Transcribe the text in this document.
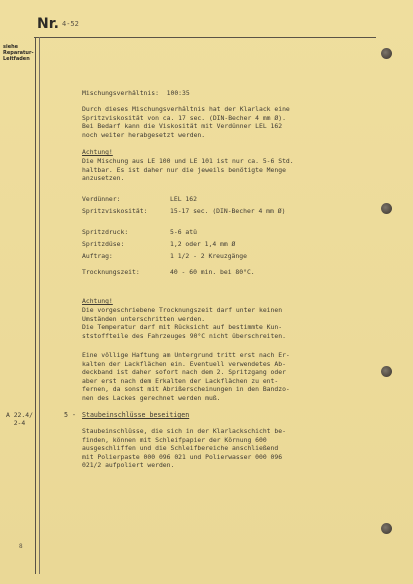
Nr. 4-52
siehe
Reparatur-
Leitfaden
Mischungsverhältnis:  100:35
Durch dieses Mischungsverhältnis hat der Klarlack eine
Spritzviskosität von ca. 17 sec. (DIN-Becher 4 mm Ø).
Bei Bedarf kann die Viskosität mit Verdünner LEL 162
noch weiter herabgesetzt werden.
Achtung!
Die Mischung aus LE 100 und LE 101 ist nur ca. 5-6 Std.
haltbar. Es ist daher nur die jeweils benötigte Menge
anzusetzen.
Verdünner:	LEL 162
Spritzviskosität:	15-17 sec. (DIN-Becher 4 mm Ø)
Spritzdruck:	5-6 atü
Spritzdüse:	1,2 oder 1,4 mm Ø
Auftrag:	1 1/2 - 2 Kreuzgänge
Trocknungszeit:	40 - 60 min. bei 80°C.
Achtung!
Die vorgeschriebene Trocknungszeit darf unter keinen
Umständen unterschritten werden.
Die Temperatur darf mit Rücksicht auf bestimmte Kun-
ststoffteile des Fahrzeuges 90°C nicht überschreiten.
Eine völlige Haftung am Untergrund tritt erst nach Er-
kalten der Lackflächen ein. Eventuell verwendetes Ab-
deckband ist daher sofort nach dem 2. Spritzgang oder
aber erst nach dem Erkalten der Lackflächen zu ent-
fernen, da sonst mit Abrißerscheinungen in den Bandzo-
nen des Lackes gerechnet werden muß.
A 22.4/
2-4
5 - Staubeinschlüsse beseitigen
Staubeinschlüsse, die sich in der Klarlackschicht be-
finden, können mit Schleifpapier der Körnung 600
ausgeschliffen und die Schleifbereiche anschließend
mit Polierpaste 000 096 021 und Polierwasser 000 096
021/2 aufpoliert werden.
8
